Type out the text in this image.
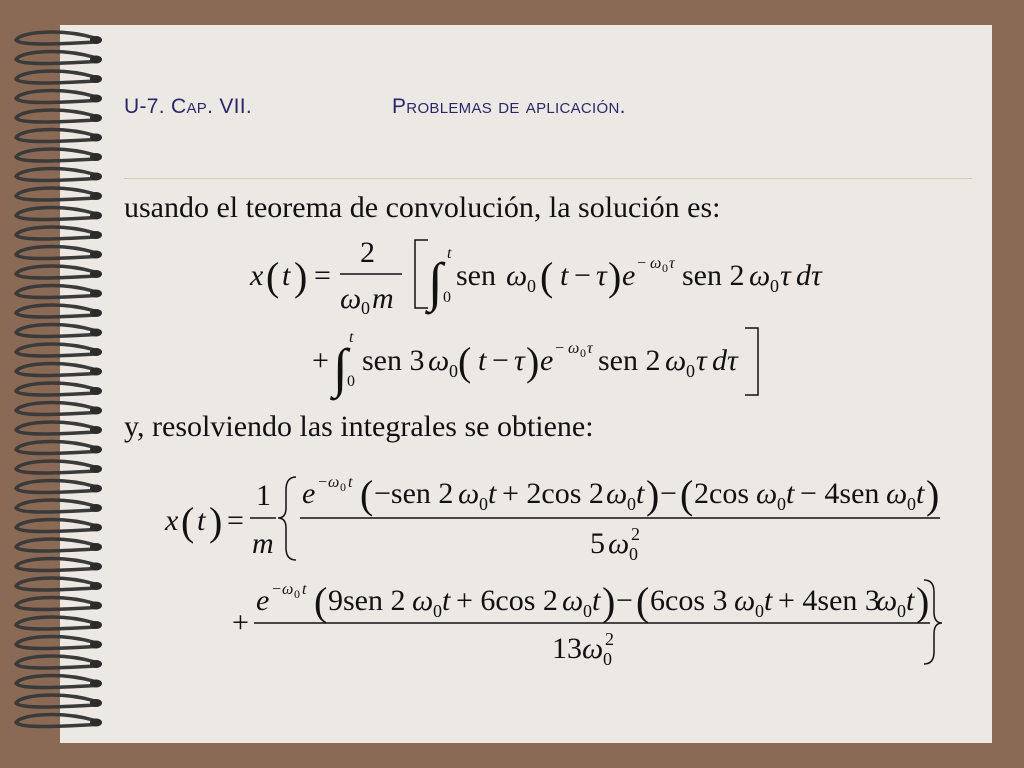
U-7. Cap. VII.	Problemas de aplicación.
usando el teorema de convolución, la solución es:
y, resolviendo las integrales se obtiene:
x ( t ) =
2
ω 0 m ∫ t
0
sen ω 0 ( t − τ ) e − ω 0 τ sen 2 ω 0 τ dτ
+ ∫
t
0
sen 3 ω 0 ( t − τ ) e − ω 0 τ sen 2 ω 0 τ dτ
x ( t ) =
1
m
e − ω 0 t ( −sen 2 ω 0 t + 2cos 2 ω 0 t ) − ( 2cos ω 0 t − 4sen ω 0 t )
5 ω 0
2
+
e − ω 0 t ( 9sen 2 ω 0 t + 6cos 2 ω 0 t ) − ( 6cos 3 ω 0 t + 4sen 3
ω 0 t )
13 ω 0
2
